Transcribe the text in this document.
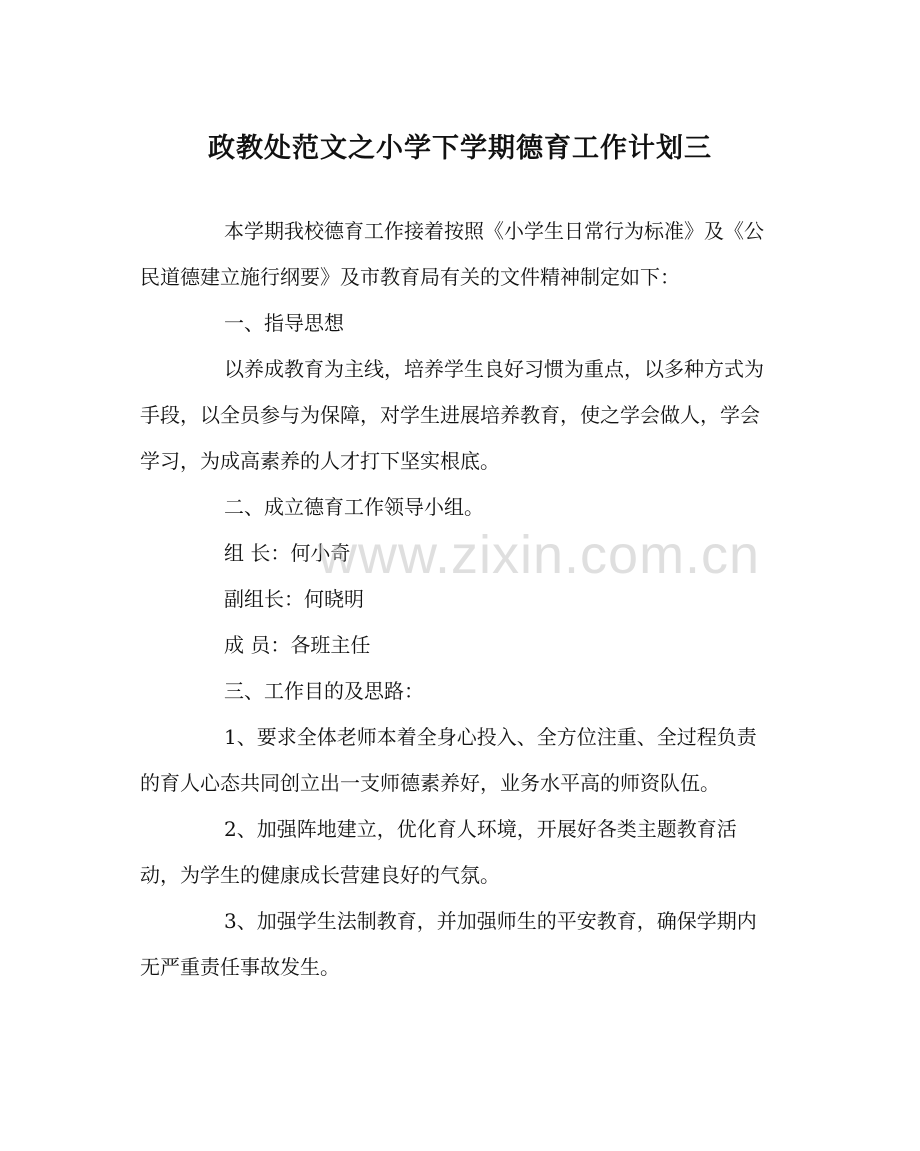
政教处范文之小学下学期德育工作计划三

本学期我校德育工作接着按照《小学生日常行为标准》及《公民道德建立施行纲要》及市教育局有关的文件精神制定如下：

一、指导思想

以养成教育为主线，培养学生良好习惯为重点，以多种方式为手段，以全员参与为保障，对学生进展培养教育，使之学会做人，学会学习，为成高素养的人才打下坚实根底。

二、成立德育工作领导小组。

组 长：何小奇

副组长：何晓明

成 员：各班主任

三、工作目的及思路：

1、要求全体老师本着全身心投入、全方位注重、全过程负责的育人心态共同创立出一支师德素养好，业务水平高的师资队伍。

2、加强阵地建立，优化育人环境，开展好各类主题教育活动，为学生的健康成长营建良好的气氛。

3、加强学生法制教育，并加强师生的平安教育，确保学期内无严重责任事故发生。

www.zixin.com.cn
